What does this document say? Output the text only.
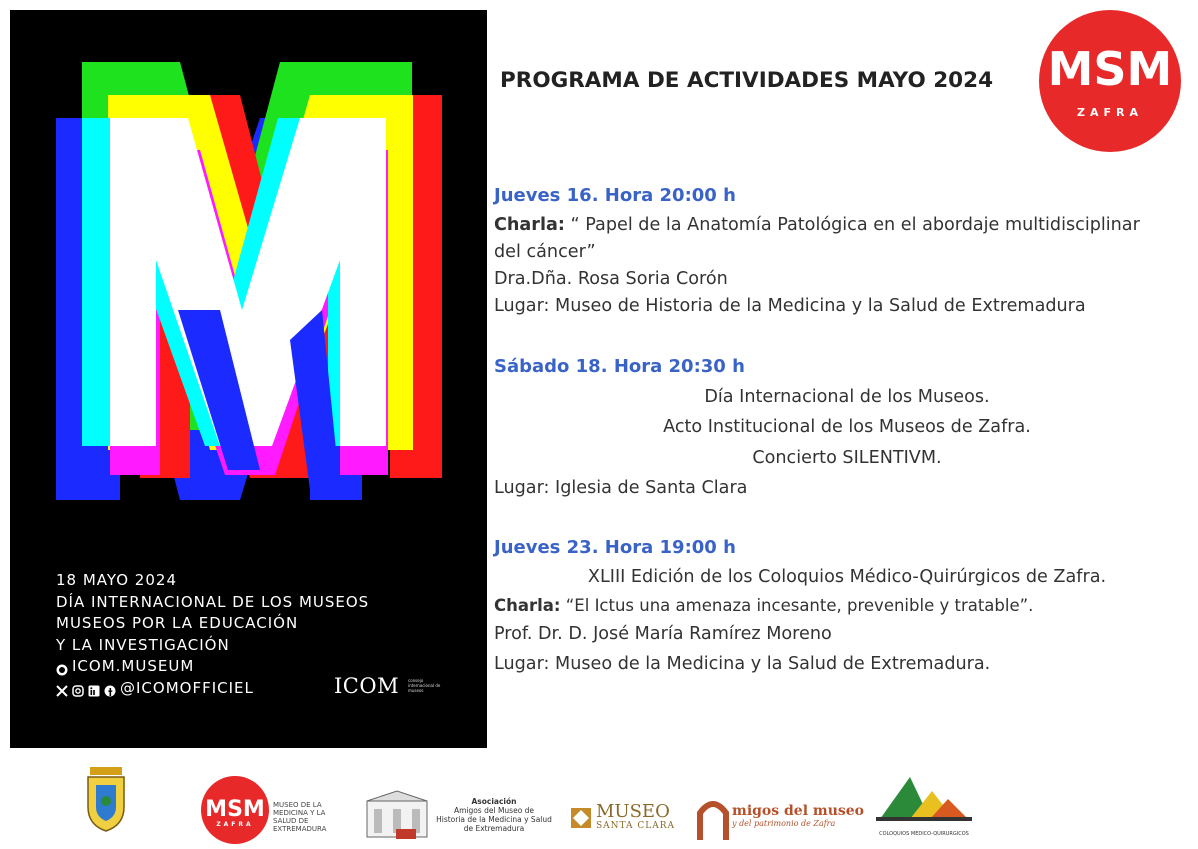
18 MAYO 2024
DÍA INTERNACIONAL DE LOS MUSEOS
MUSEOS POR LA EDUCACIÓN
Y LA INVESTIGACIÓN
ICOM.MUSEUM
@ICOMOFFICIEL	ICOM consejo internacional de museos
PROGRAMA DE ACTIVIDADES MAYO 2024 MSM
ZAFRA
Jueves 16. Hora 20:00 h
Charla: “ Papel de la Anatomía Patológica en el abordaje multidisciplinar
del cáncer”
Dra.Dña. Rosa Soria Corón
Lugar: Museo de Historia de la Medicina y la Salud de Extremadura
Sábado 18. Hora 20:30 h
Día Internacional de los Museos.
Acto Institucional de los Museos de Zafra.
Concierto SILENTIVM.
Lugar: Iglesia de Santa Clara
Jueves 23. Hora 19:00 h
XLIII Edición de los Coloquios Médico-Quirúrgicos de Zafra.
Charla: “El Ictus una amenaza incesante, prevenible y tratable”.
Prof. Dr. D. José María Ramírez Moreno
Lugar: Museo de la Medicina y la Salud de Extremadura.
MSM
ZAFRA
MUSEO DE LA MEDICINA Y LA SALUD DE EXTREMADURA
Asociación
Amigos del Museo de
Historia de la Medicina y Salud
de Extremadura
MUSEO
SANTA CLARA
migos del museo
y del patrimonio de Zafra
COLOQUIOS MÉDICO-QUIRÚRGICOS
